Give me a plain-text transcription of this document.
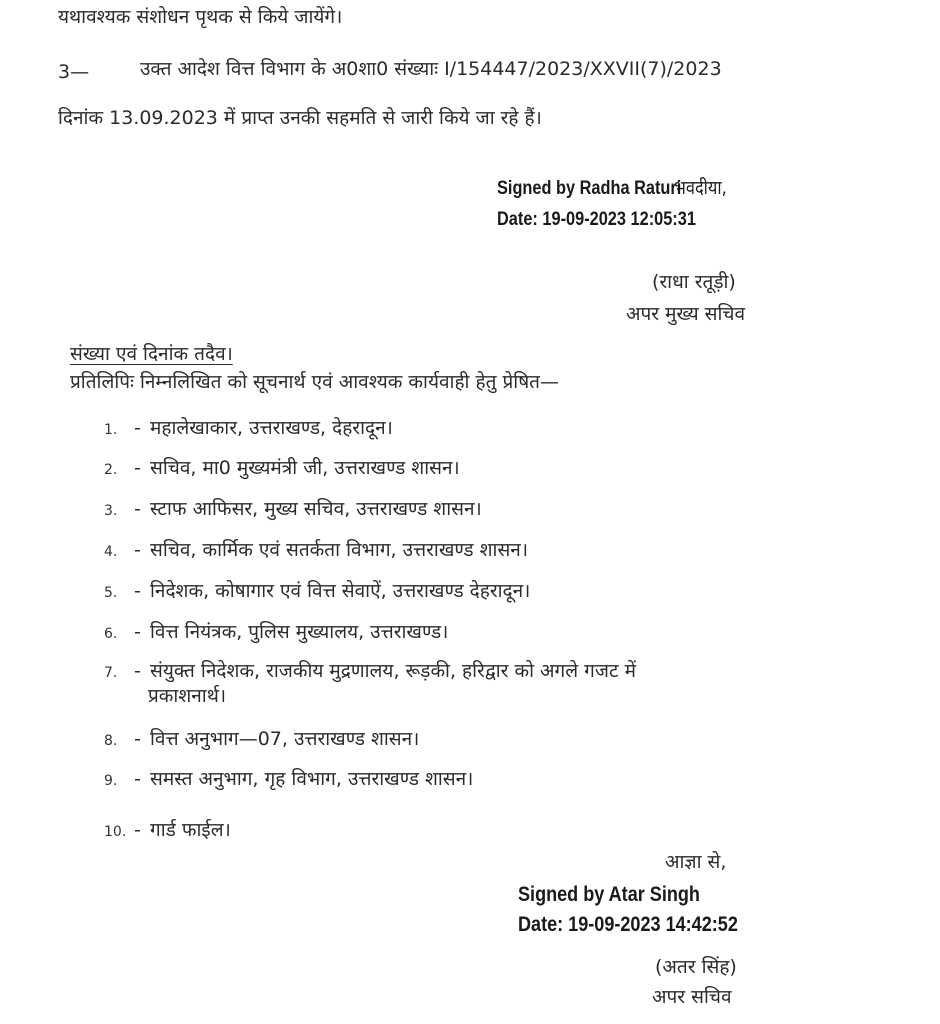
यथावश्यक संशोधन पृथक से किये जायेंगे।
3—	उक्त आदेश वित्त विभाग के अ0शा0 संख्याः I/154447/2023/XXVII(7)/2023
दिनांक 13.09.2023 में प्राप्त उनकी सहमति से जारी किये जा रहे हैं।
Signed by Radha Raturiभवदीया,
Date: 19-09-2023 12:05:31
(राधा रतूड़ी)
अपर मुख्य सचिव
संख्या एवं दिनांक तदैव।
प्रतिलिपिः निम्नलिखित को सूचनार्थ एवं आवश्यक कार्यवाही हेतु प्रेषित—
1. - महालेखाकार, उत्तराखण्ड, देहरादून।
2. - सचिव, मा0 मुख्यमंत्री जी, उत्तराखण्ड शासन।
3. - स्टाफ आफिसर, मुख्य सचिव, उत्तराखण्ड शासन।
4. - सचिव, कार्मिक एवं सतर्कता विभाग, उत्तराखण्ड शासन।
5. - निदेशक, कोषागार एवं वित्त सेवाऐं, उत्तराखण्ड देहरादून।
6. - वित्त नियंत्रक, पुलिस मुख्यालय, उत्तराखण्ड।
7. - संयुक्त निदेशक, राजकीय मुद्रणालय, रूड़की, हरिद्वार को अगले गजट में
प्रकाशनार्थ।
8. - वित्त अनुभाग—07, उत्तराखण्ड शासन।
9. - समस्त अनुभाग, गृह विभाग, उत्तराखण्ड शासन।
10. - गार्ड फाईल।
आज्ञा से,
Signed by Atar Singh
Date: 19-09-2023 14:42:52
(अतर सिंह)
अपर सचिव
